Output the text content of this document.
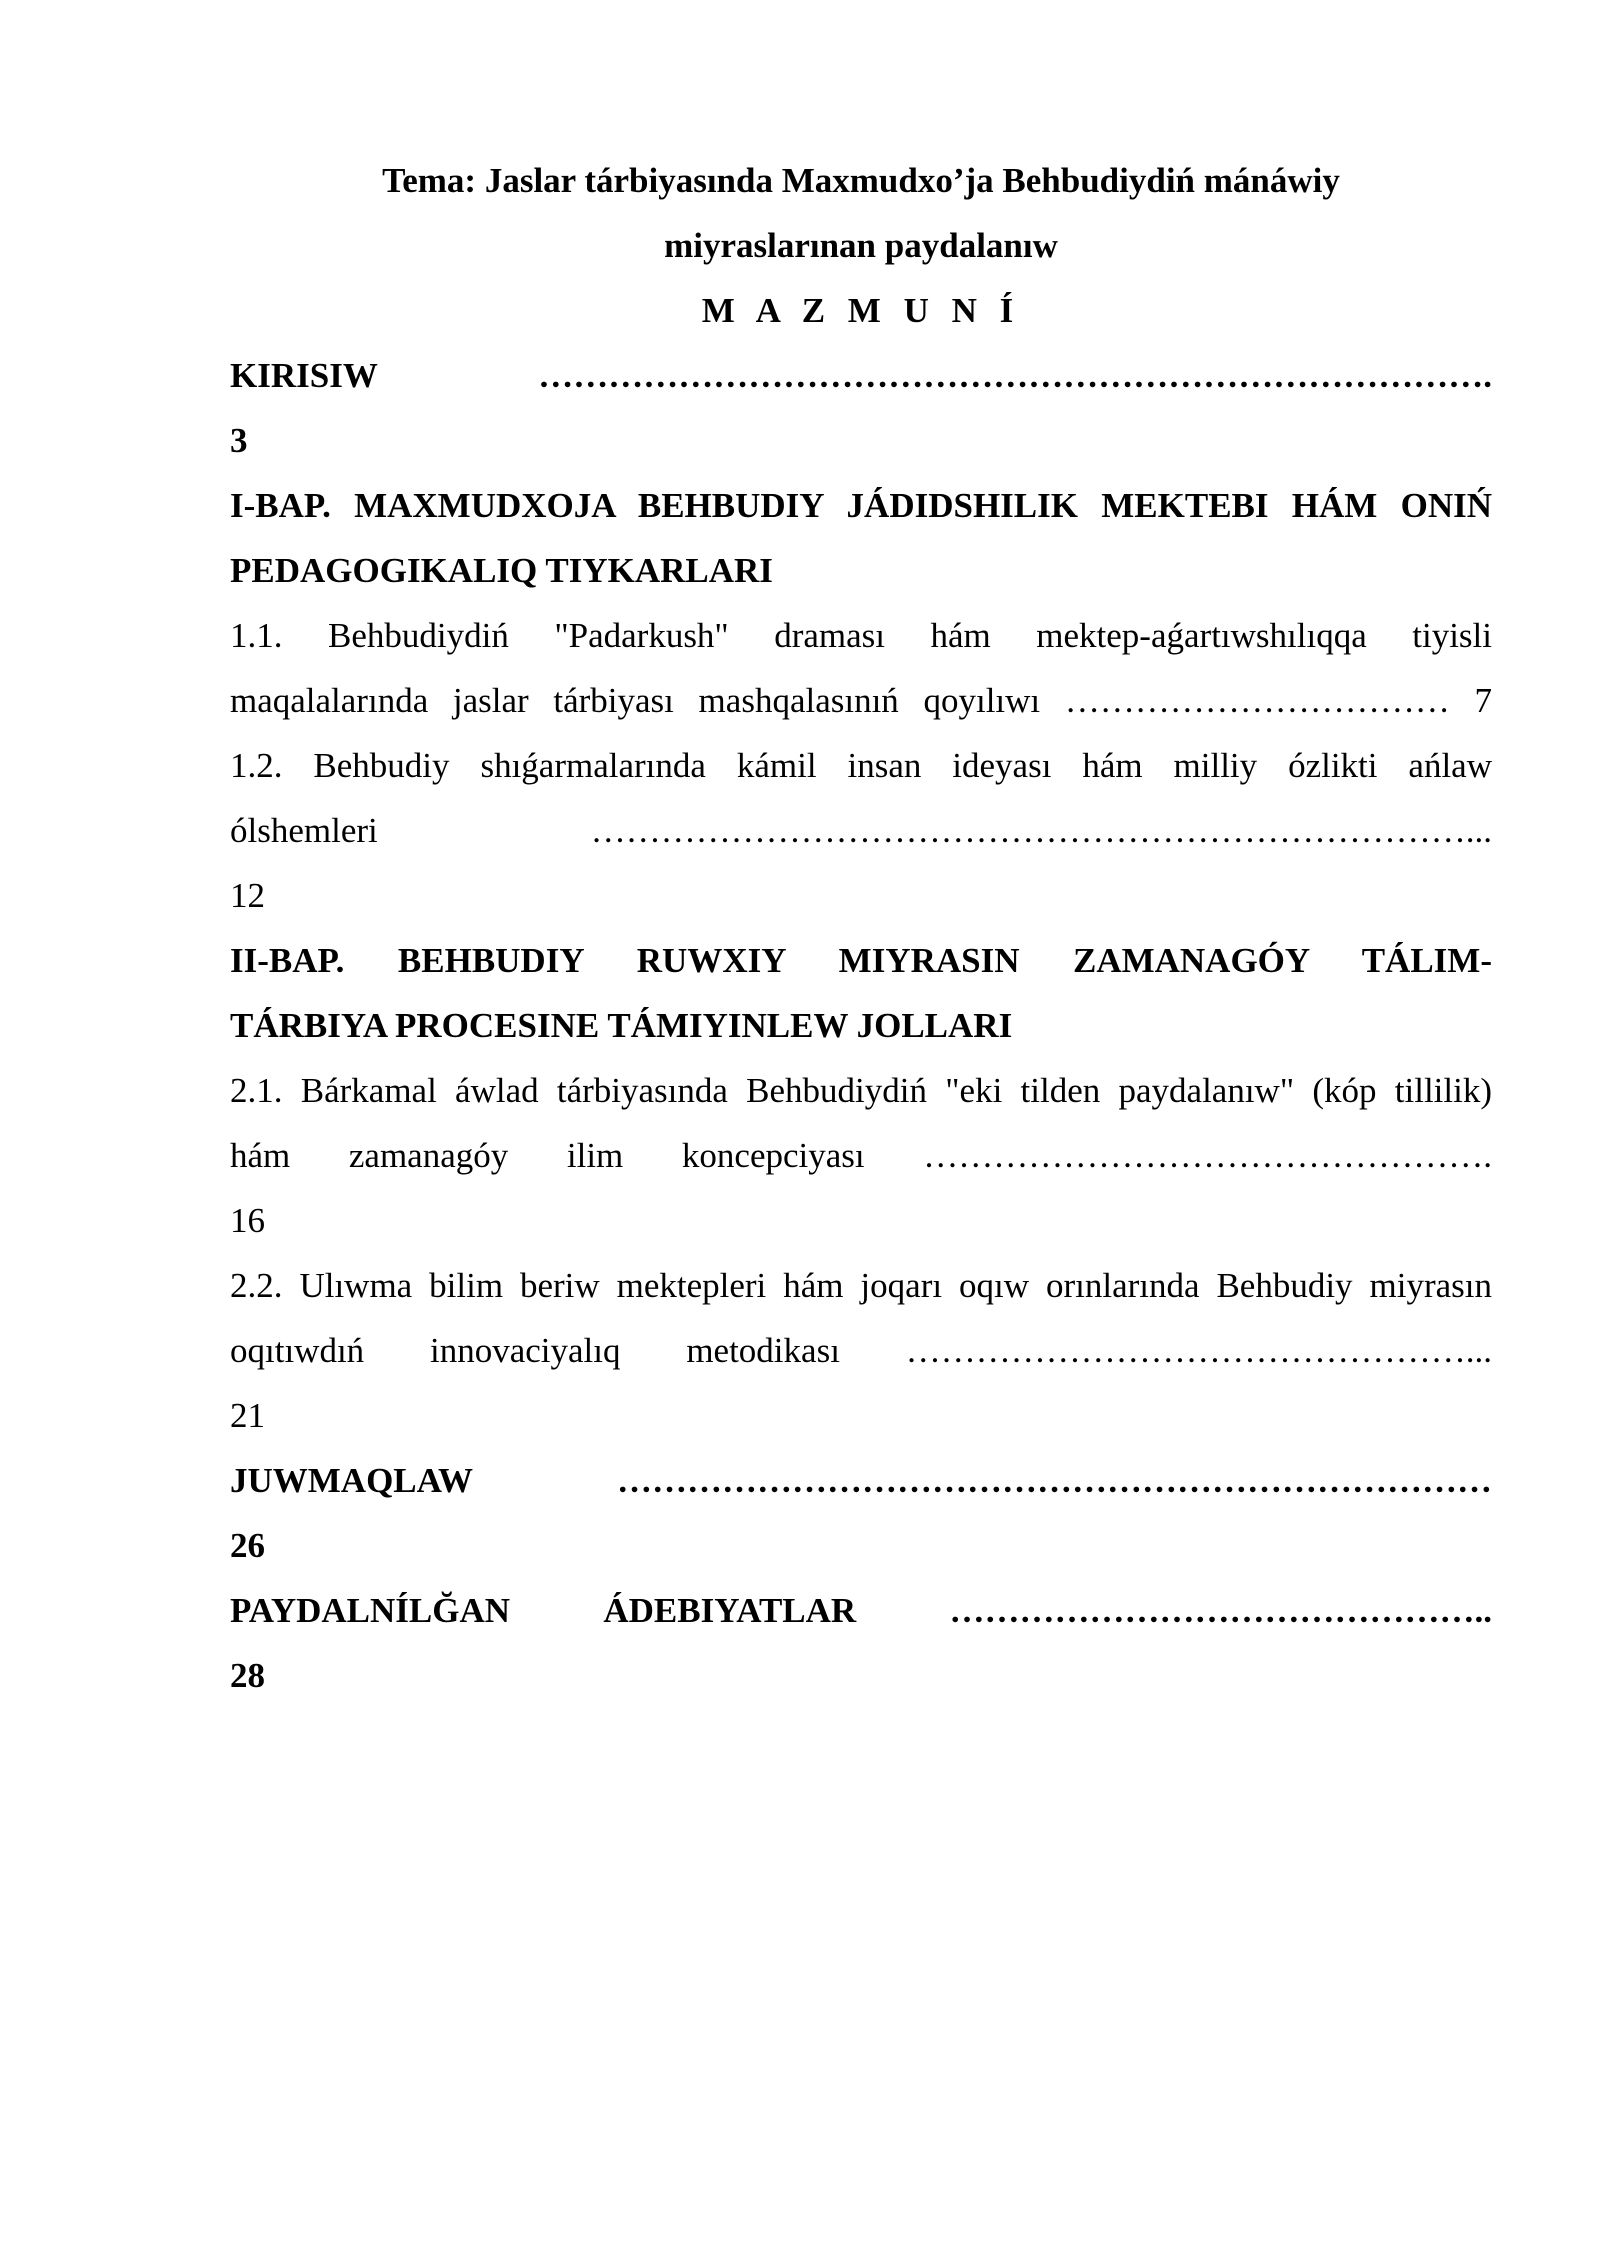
Tema: Jaslar tárbiyasında Maxmudxo’ja Behbudiydiń mánáwiy
miyraslarınan paydalanıw
M A Z M U N Í
KIRISIW ……………………………………………………………………….
3
I-BAP. MAXMUDXOJA BEHBUDIY JÁDIDSHILIK MEKTEBI HÁM ONIŃ
PEDAGOGIKALIQ TIYKARLARI
1.1. Behbudiydiń "Padarkush" draması hám mektep-aǵartıwshılıqqa tiyisli
maqalalarında jaslar tárbiyası mashqalasınıń qoyılıwı …………………………… 7
1.2. Behbudiy shıǵarmalarında kámil insan ideyası hám milliy ózlikti ańlaw
ólshemleri …………………………………………………………………...
12
II-BAP. BEHBUDIY RUWXIY MIYRASIN ZAMANAGÓY TÁLIM-
TÁRBIYA PROCESINE TÁMIYINLEW JOLLARI
2.1. Bárkamal áwlad tárbiyasında Behbudiydiń "eki tilden paydalanıw" (kóp tillilik)
hám zamanagóy ilim koncepciyası ………………………………………….
16
2.2. Ulıwma bilim beriw mektepleri hám joqarı oqıw orınlarında Behbudiy miyrasın
oqıtıwdıń innovaciyalıq metodikası …………………………………………...
21
JUWMAQLAW …………………………………………………………………
26
PAYDALNÍLĞAN ÁDEBIYATLAR ………………………………………..
28
